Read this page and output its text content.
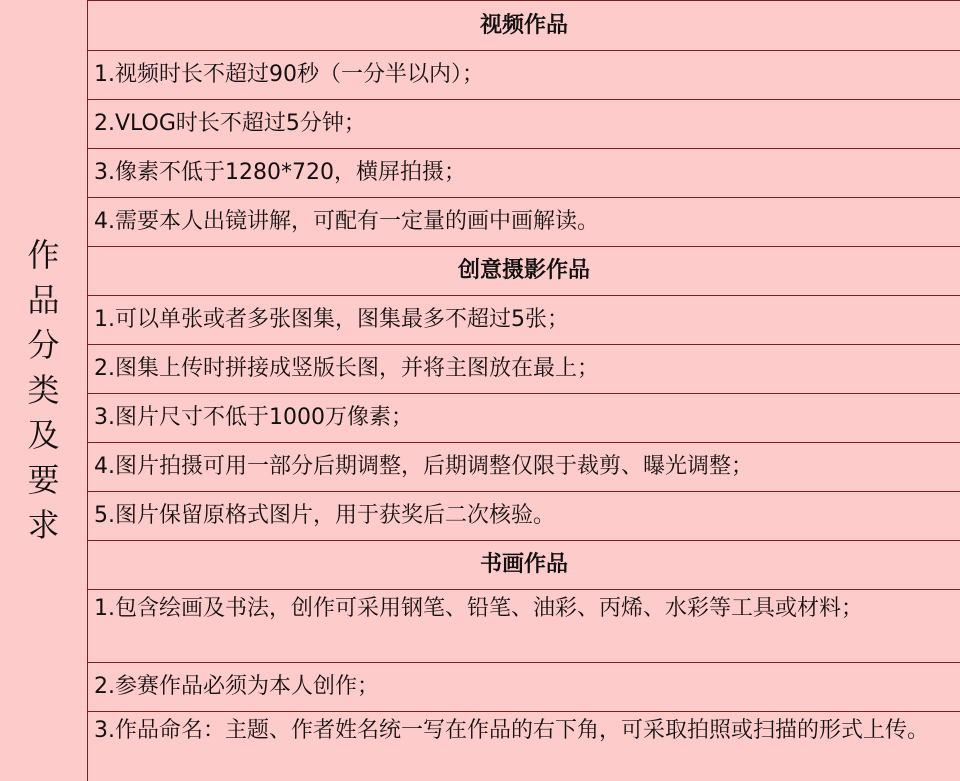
作品分类及要求
视频作品
1.视频时长不超过90秒（一分半以内）；
2.VLOG时长不超过5分钟；
3.像素不低于1280*720，横屏拍摄；
4.需要本人出镜讲解，可配有一定量的画中画解读。
创意摄影作品
1.可以单张或者多张图集，图集最多不超过5张；
2.图集上传时拼接成竖版长图，并将主图放在最上；
3.图片尺寸不低于1000万像素；
4.图片拍摄可用一部分后期调整，后期调整仅限于裁剪、曝光调整；
5.图片保留原格式图片，用于获奖后二次核验。
书画作品
1.包含绘画及书法，创作可采用钢笔、铅笔、油彩、丙烯、水彩等工具或材料；
2.参赛作品必须为本人创作；
3.作品命名：主题、作者姓名统一写在作品的右下角，可采取拍照或扫描的形式上传。
